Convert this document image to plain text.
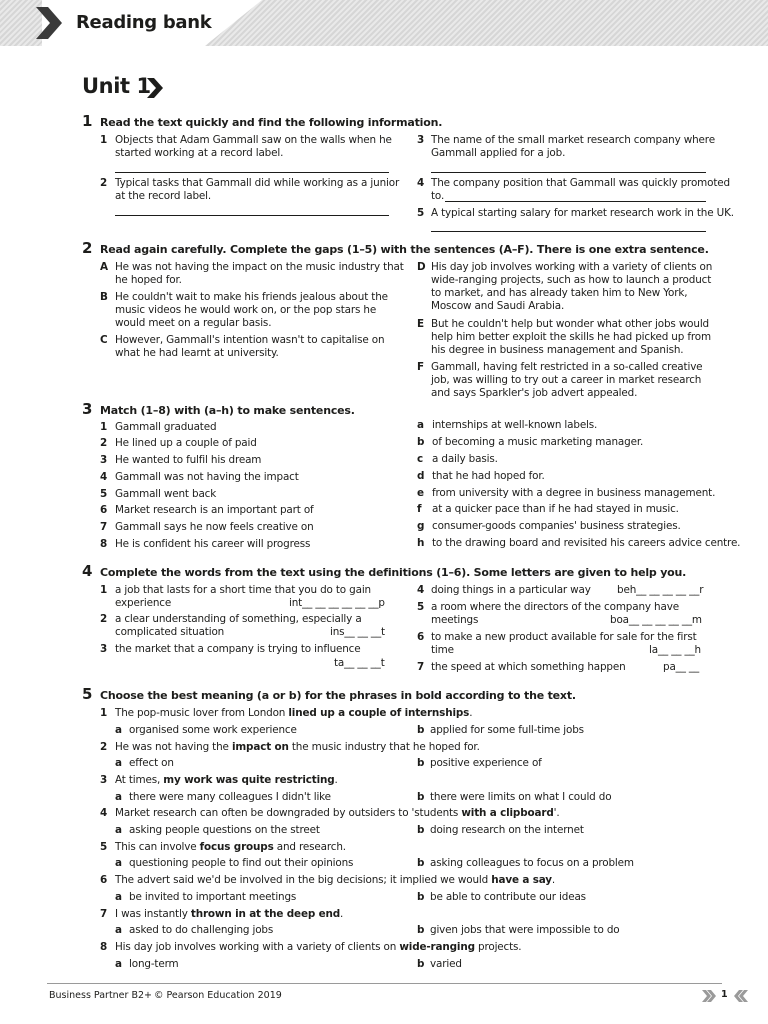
Reading bank
Unit 1
1 Read the text quickly and find the following information.
1 Objects that Adam Gammall saw on the walls when he
started working at a record label.
2 Typical tasks that Gammall did while working as a junior
at the record label.
3 The name of the small market research company where
Gammall applied for a job.
4 The company position that Gammall was quickly promoted
to.
5 A typical starting salary for market research work in the UK.
2 Read again carefully. Complete the gaps (1–5) with the sentences (A–F). There is one extra sentence.
A He was not having the impact on the music industry that
he hoped for.
B He couldn't wait to make his friends jealous about the
music videos he would work on, or the pop stars he
would meet on a regular basis.
C However, Gammall's intention wasn't to capitalise on
what he had learnt at university.
D His day job involves working with a variety of clients on
wide-ranging projects, such as how to launch a product
to market, and has already taken him to New York,
Moscow and Saudi Arabia.
E But he couldn't help but wonder what other jobs would
help him better exploit the skills he had picked up from
his degree in business management and Spanish.
F Gammall, having felt restricted in a so-called creative
job, was willing to try out a career in market research
and says Sparkler's job advert appealed.
3 Match (1–8) with (a–h) to make sentences.
1 Gammall graduated
2 He lined up a couple of paid
3 He wanted to fulfil his dream
4 Gammall was not having the impact
5 Gammall went back
6 Market research is an important part of
7 Gammall says he now feels creative on
8 He is confident his career will progress
a internships at well-known labels.
b of becoming a music marketing manager.
c a daily basis.
d that he had hoped for.
e from university with a degree in business management.
f at a quicker pace than if he had stayed in music.
g consumer-goods companies' business strategies.
h to the drawing board and revisited his careers advice centre.
4 Complete the words from the text using the definitions (1–6). Some letters are given to help you.
1 a job that lasts for a short time that you do to gain
experience	int__ __ __ __ __ __p
2 a clear understanding of something, especially a
complicated situation	ins__ __ __t
3 the market that a company is trying to influence
ta__ __ __t
4 doing things in a particular way	beh__ __ __ __ __r
5 a room where the directors of the company have
meetings	boa__ __ __ __ __m
6 to make a new product available for sale for the first
time	la__ __ __h
7 the speed at which something happen	pa__ __
5 Choose the best meaning (a or b) for the phrases in bold according to the text.
1 The pop-music lover from London lined up a couple of internships.
a organised some work experience	b applied for some full-time jobs
2 He was not having the impact on the music industry that he hoped for.
a effect on	b positive experience of
3 At times, my work was quite restricting.
a there were many colleagues I didn't like	b there were limits on what I could do
4 Market research can often be downgraded by outsiders to 'students with a clipboard'.
a asking people questions on the street	b doing research on the internet
5 This can involve focus groups and research.
a questioning people to find out their opinions	b asking colleagues to focus on a problem
6 The advert said we'd be involved in the big decisions; it implied we would have a say.
a be invited to important meetings	b be able to contribute our ideas
7 I was instantly thrown in at the deep end.
a asked to do challenging jobs	b given jobs that were impossible to do
8 His day job involves working with a variety of clients on wide-ranging projects.
a long-term	b varied
Business Partner B2+ © Pearson Education 2019	1
